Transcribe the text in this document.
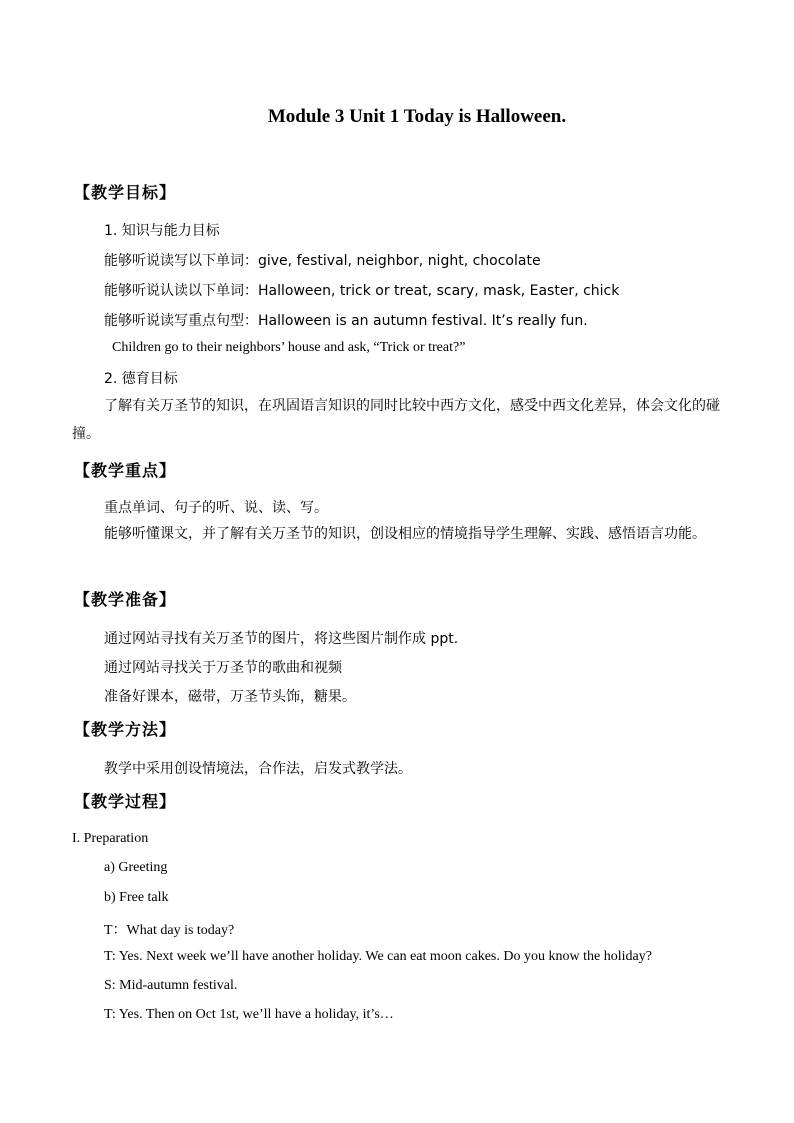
Module 3 Unit 1 Today is Halloween.
【教学目标】
1. 知识与能力目标
能够听说读写以下单词：give, festival, neighbor, night, chocolate
能够听说认读以下单词：Halloween, trick or treat, scary, mask, Easter, chick
能够听说读写重点句型：Halloween is an autumn festival. It’s really fun.
Children go to their neighbors’ house and ask, “Trick or treat?”
2. 德育目标
了解有关万圣节的知识，在巩固语言知识的同时比较中西方文化，感受中西文化差异，体会文化的碰撞。
【教学重点】
重点单词、句子的听、说、读、写。
能够听懂课文，并了解有关万圣节的知识，创设相应的情境指导学生理解、实践、感悟语言功能。
【教学准备】
通过网站寻找有关万圣节的图片，将这些图片制作成 ppt.
通过网站寻找关于万圣节的歌曲和视频
准备好课本，磁带，万圣节头饰，糖果。
【教学方法】
教学中采用创设情境法，合作法，启发式教学法。
【教学过程】
I. Preparation
a) Greeting
b) Free talk
T：What day is today?
T: Yes. Next week we’ll have another holiday. We can eat moon cakes. Do you know the holiday?
S: Mid-autumn festival.
T: Yes. Then on Oct 1st, we’ll have a holiday, it’s…
